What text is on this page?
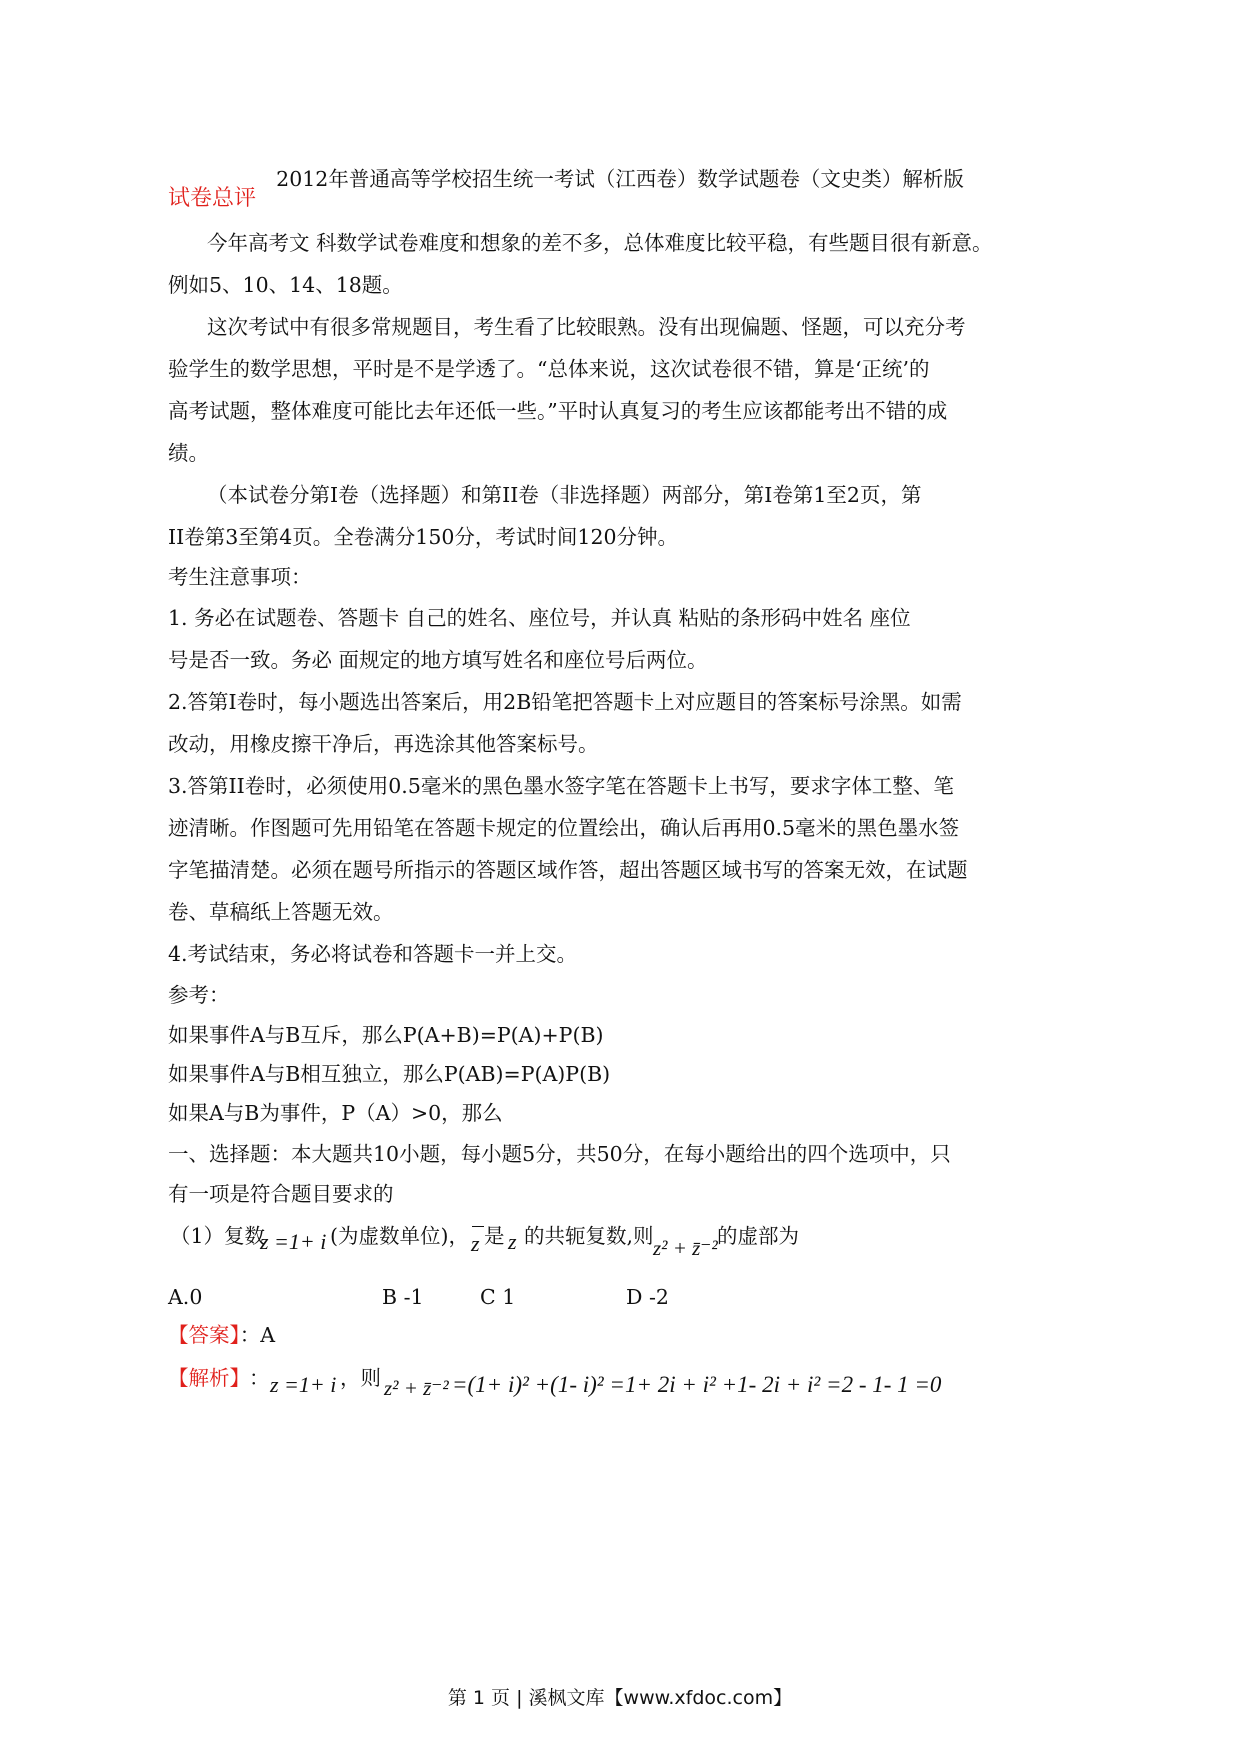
2012年普通高等学校招生统一考试（江西卷）数学试题卷（文史类）解析版
试卷总评
今年高考文 科数学试卷难度和想象的差不多，总体难度比较平稳，有些题目很有新意。
例如5、10、14、18题。
这次考试中有很多常规题目，考生看了比较眼熟。没有出现偏题、怪题，可以充分考
验学生的数学思想，平时是不是学透了。“总体来说，这次试卷很不错，算是‘正统’的
高考试题，整体难度可能比去年还低一些。”平时认真复习的考生应该都能考出不错的成
绩。
（本试卷分第I卷（选择题）和第II卷（非选择题）两部分，第I卷第1至2页，第
II卷第3至第4页。全卷满分150分，考试时间120分钟。
考生注意事项：
1. 务必在试题卷、答题卡 自己的姓名、座位号，并认真 粘贴的条形码中姓名 座位
号是否一致。务必 面规定的地方填写姓名和座位号后两位。
2.答第I卷时，每小题选出答案后，用2B铅笔把答题卡上对应题目的答案标号涂黑。如需
改动，用橡皮擦干净后，再选涂其他答案标号。
3.答第II卷时，必须使用0.5毫米的黑色墨水签字笔在答题卡上书写，要求字体工整、笔
迹清晰。作图题可先用铅笔在答题卡规定的位置绘出，确认后再用0.5毫米的黑色墨水签
字笔描清楚。必须在题号所指示的答题区域作答，超出答题区域书写的答案无效，在试题
卷、草稿纸上答题无效。
4.考试结束，务必将试卷和答题卡一并上交。
参考：
如果事件A与B互斥，那么P(A+B)=P(A)+P(B)
如果事件A与B相互独立，那么P(AB)=P(A)P(B)
如果A与B为事件，P（A）>0，那么
一、选择题：本大题共10小题，每小题5分，共50分，在每小题给出的四个选项中，只
有一项是符合题目要求的
（1）复数
z =1+ i (为虚数单位)， z 是 z 的共轭复数,则 z² + z̄⁻² 的虚部为
A.0	B -1	C 1	D -2
【答案】：A
【解析】 ： z =1+ i ，则 z² + z̄⁻² =(1+ i)² +(1- i)² =1+ 2i + i² +1- 2i + i² =2 - 1- 1 =0
第 1 页 | 溪枫文库【www.xfdoc.com】
